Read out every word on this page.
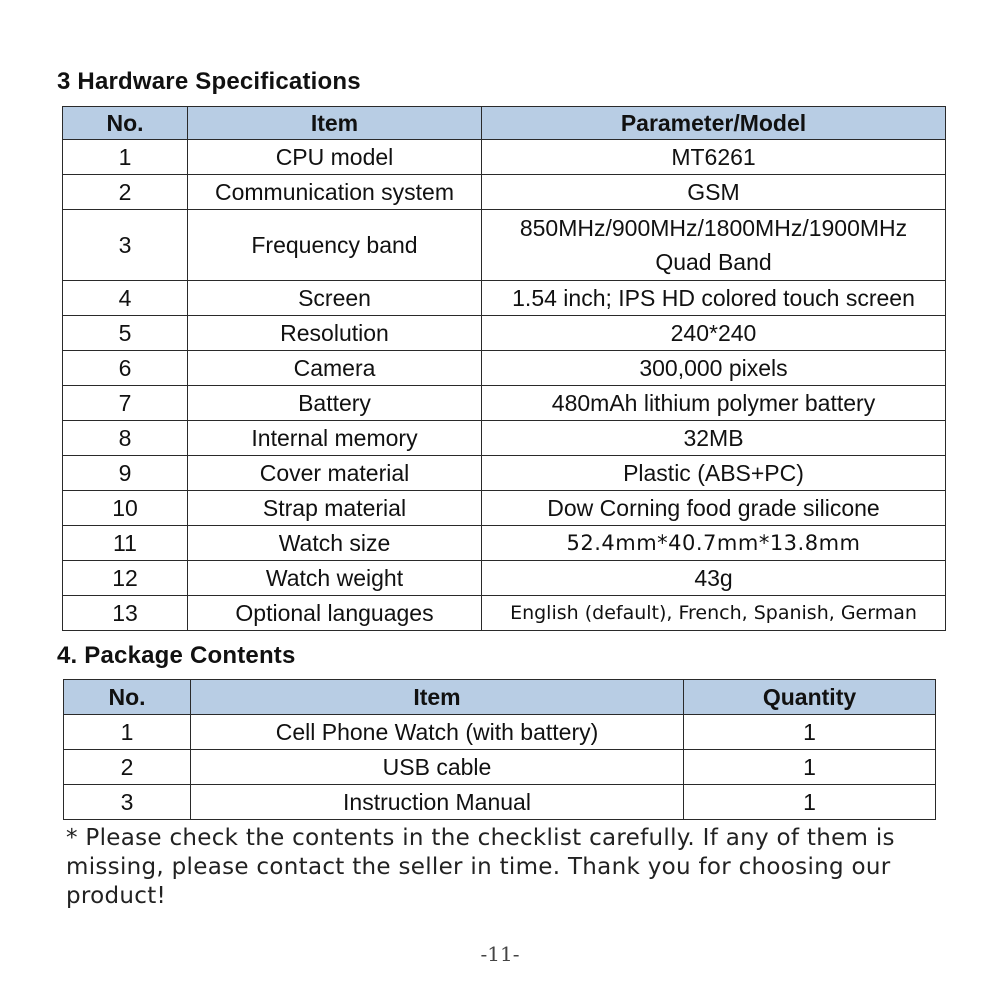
3 Hardware Specifications
No.	Item	Parameter/Model
1	CPU model	MT6261
2	Communication system	GSM
3	Frequency band	850MHz/900MHz/1800MHz/1900MHz
Quad Band

4	Screen	1.54 inch; IPS HD colored touch screen
5	Resolution	240*240
6	Camera	300,000 pixels
7	Battery	480mAh lithium polymer battery
8	Internal memory	32MB
9	Cover material	Plastic (ABS+PC)
10	Strap material	Dow Corning food grade silicone
11	Watch size	52.4mm*40.7mm*13.8mm
12	Watch weight	43g
13	Optional languages	English (default), French, Spanish, German
4. Package Contents
No.	Item	Quantity
1	Cell Phone Watch (with battery)	1
2	USB cable	1
3	Instruction Manual	1

* Please check the contents in the checklist carefully. If any of them is missing, please contact the seller in time. Thank you for choosing our product!

-11-
